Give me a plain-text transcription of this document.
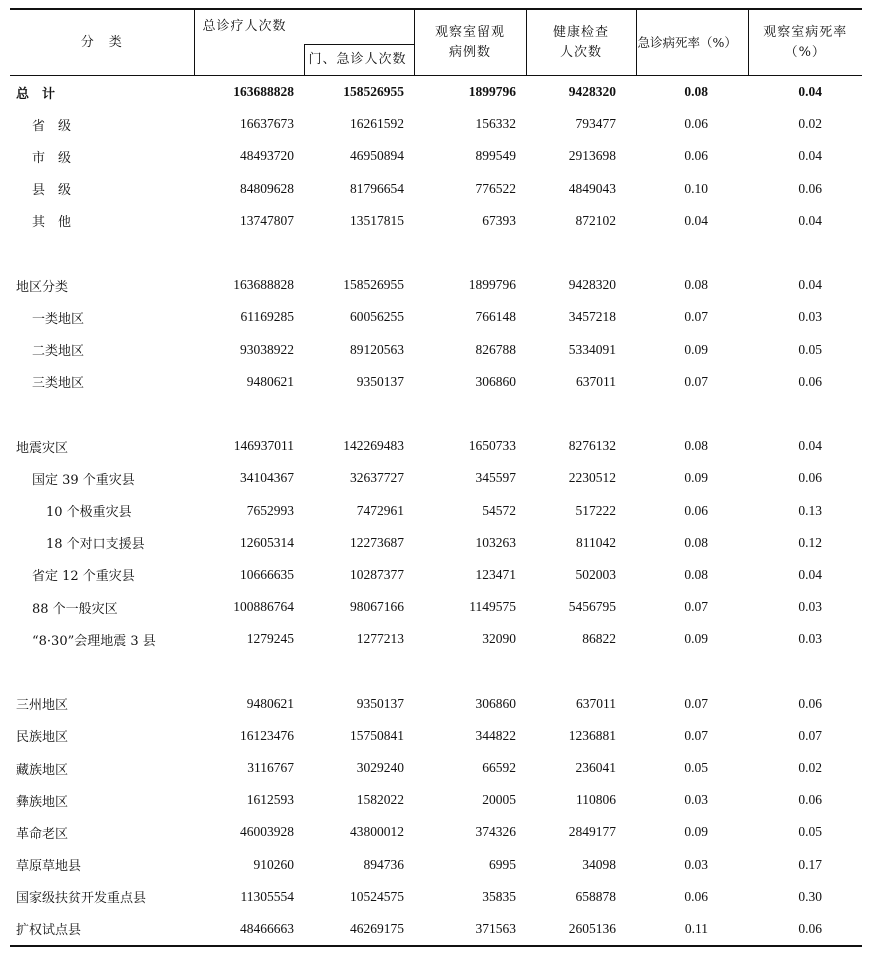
分　类	总诊疗人次数		观察室留观病例数	健康检查人次数	急诊病死率（%）	观察室病死率（%）
		门、急诊人次数				
总　计	163688828	158526955	1899796	9428320	0.08	0.04
省　级	16637673	16261592	156332	793477	0.06	0.02
市　级	48493720	46950894	899549	2913698	0.06	0.04
县　级	84809628	81796654	776522	4849043	0.10	0.06
其　他	13747807	13517815	67393	872102	0.04	0.04

地区分类	163688828	158526955	1899796	9428320	0.08	0.04
一类地区	61169285	60056255	766148	3457218	0.07	0.03
二类地区	93038922	89120563	826788	5334091	0.09	0.05
三类地区	9480621	9350137	306860	637011	0.07	0.06

地震灾区	146937011	142269483	1650733	8276132	0.08	0.04
国定 39 个重灾县	34104367	32637727	345597	2230512	0.09	0.06
10 个极重灾县	7652993	7472961	54572	517222	0.06	0.13
18 个对口支援县	12605314	12273687	103263	811042	0.08	0.12
省定 12 个重灾县	10666635	10287377	123471	502003	0.08	0.04
88 个一般灾区	100886764	98067166	1149575	5456795	0.07	0.03
“8·30”会理地震 3 县	1279245	1277213	32090	86822	0.09	0.03

三州地区	9480621	9350137	306860	637011	0.07	0.06
民族地区	16123476	15750841	344822	1236881	0.07	0.07
藏族地区	3116767	3029240	66592	236041	0.05	0.02
彝族地区	1612593	1582022	20005	110806	0.03	0.06
革命老区	46003928	43800012	374326	2849177	0.09	0.05
草原草地县	910260	894736	6995	34098	0.03	0.17
国家级扶贫开发重点县	11305554	10524575	35835	658878	0.06	0.30
扩权试点县	48466663	46269175	371563	2605136	0.11	0.06
